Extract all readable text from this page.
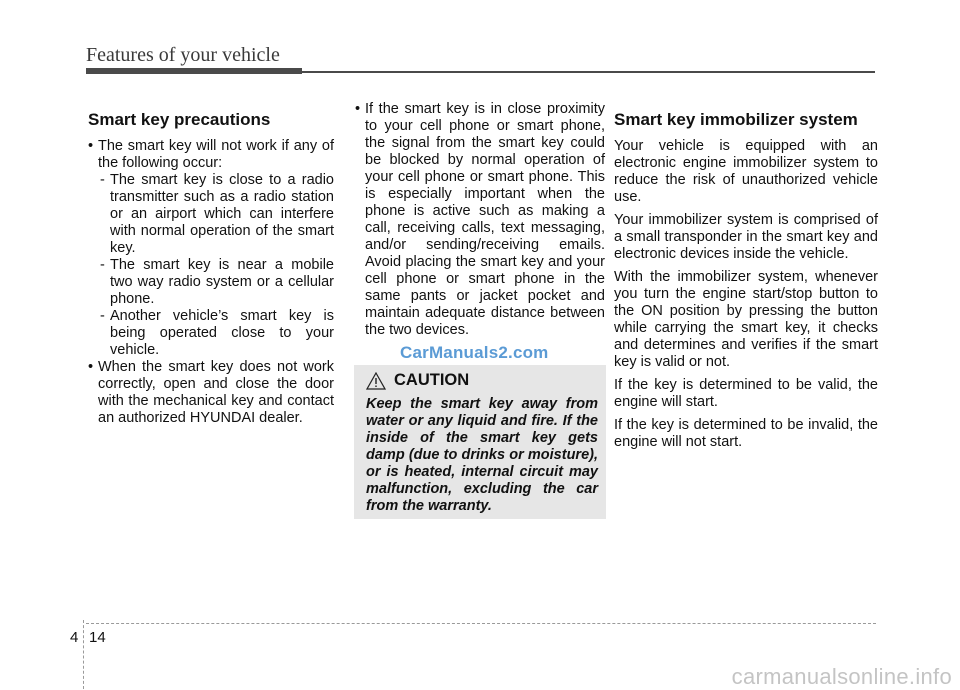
Features of your vehicle
Smart key precautions

• The smart key will not work if any of the following occur:

- The smart key is close to a radio transmitter such as a radio station or an airport which can interfere with normal operation of the smart key.

- The smart key is near a mobile two way radio system or a cellular phone.

- Another vehicle’s smart key is being operated close to your vehicle.

• When the smart key does not work correctly, open and close the door with the mechanical key and contact an authorized HYUNDAI dealer.

• If the smart key is in close proximity to your cell phone or smart phone, the signal from the smart key could be blocked by normal operation of your cell phone or smart phone. This is especially important when the phone is active such as making a call, receiving calls, text messaging, and/or sending/receiving emails. Avoid placing the smart key and your cell phone or smart phone in the same pants or jacket pocket and maintain adequate distance between the two devices.

CarManuals2.com
CAUTION
Keep the smart key away from water or any liquid and fire. If the inside of the smart key gets damp (due to drinks or moisture), or is heated, internal circuit may malfunction, excluding the car from the warranty.
Smart key immobilizer system

Your vehicle is equipped with an electronic engine immobilizer system to reduce the risk of unauthorized vehicle use.

Your immobilizer system is comprised of a small transponder in the smart key and electronic devices inside the vehicle.

With the immobilizer system, whenever you turn the engine start/stop button to the ON position by pressing the button while carrying the smart key, it checks and determines and verifies if the smart key is valid or not.

If the key is determined to be valid, the engine will start.

If the key is determined to be invalid, the engine will not start.

4 14
carmanualsonline.info
